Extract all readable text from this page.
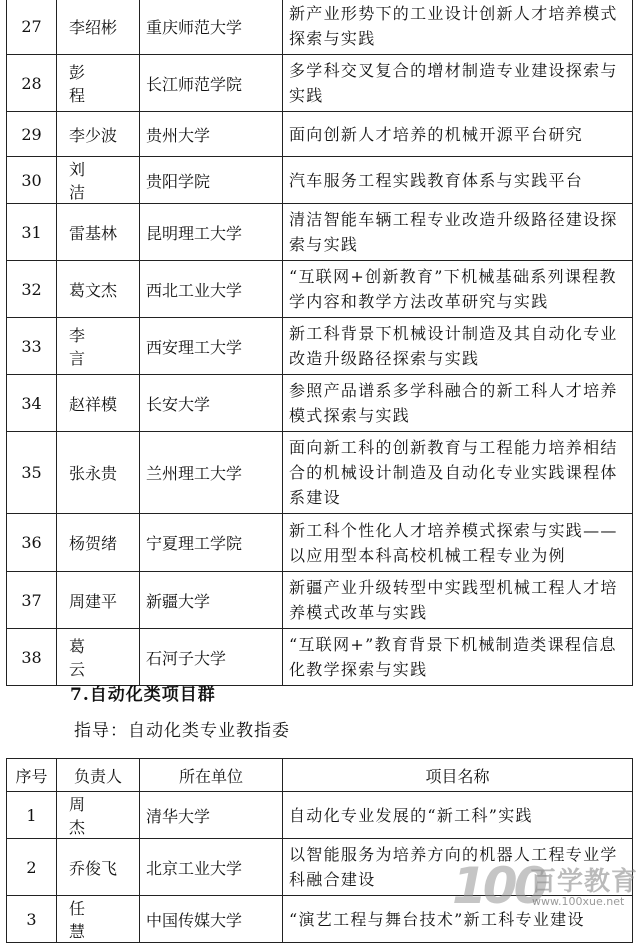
27	李绍彬	重庆师范大学	新产业形势下的工业设计创新人才培养模式探索与实践
28	彭 程	长江师范学院	多学科交叉复合的增材制造专业建设探索与实践
29	李少波	贵州大学	面向创新人才培养的机械开源平台研究
30	刘 洁	贵阳学院	汽车服务工程实践教育体系与实践平台
31	雷基林	昆明理工大学	清洁智能车辆工程专业改造升级路径建设探索与实践
32	葛文杰	西北工业大学	“互联网+创新教育”下机械基础系列课程教学内容和教学方法改革研究与实践
33	李 言	西安理工大学	新工科背景下机械设计制造及其自动化专业改造升级路径探索与实践
34	赵祥模	长安大学	参照产品谱系多学科融合的新工科人才培养模式探索与实践
35	张永贵	兰州理工大学	面向新工科的创新教育与工程能力培养相结合的机械设计制造及自动化专业实践课程体系建设
36	杨贺绪	宁夏理工学院	新工科个性化人才培养模式探索与实践——以应用型本科高校机械工程专业为例
37	周建平	新疆大学	新疆产业升级转型中实践型机械工程人才培养模式改革与实践
38	葛 云	石河子大学	“互联网+”教育背景下机械制造类课程信息化教学探索与实践

7.自动化类项目群

指导：自动化类专业教指委

序号	负责人	所在单位	项目名称
1	周 杰	清华大学	自动化专业发展的“新工科”实践
2	乔俊飞	北京工业大学	以智能服务为培养方向的机器人工程专业学科融合建设
3	任 慧	中国传媒大学	“演艺工程与舞台技术”新工科专业建设
100
百学教育
www.100xue.net
